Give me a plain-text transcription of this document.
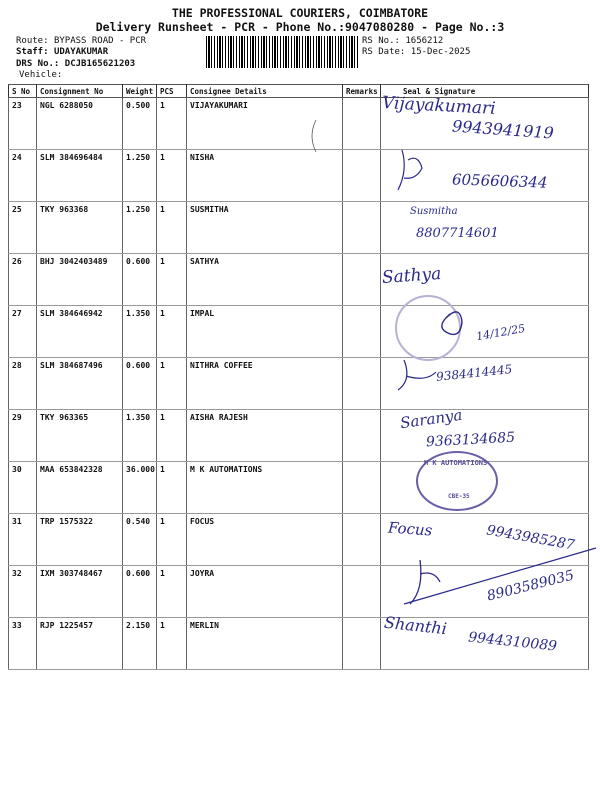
THE PROFESSIONAL COURIERS, COIMBATORE
Delivery Runsheet - PCR - Phone No.:9047080280 - Page No.:3
Route: BYPASS ROAD - PCR
Staff: UDAYAKUMAR
DRS No.: DCJB165621203
Vehicle:
RS No.: 1656212
RS Date: 15-Dec-2025
S No	Consignment No	Weight	PCS	Consignee Details	Remarks	Seal & Signature
23	NGL 6288050	0.500	1	VIJAYAKUMARI		
24	SLM 384696484	1.250	1	NISHA		
25	TKY 963368	1.250	1	SUSMITHA		
26	BHJ 3042403489	0.600	1	SATHYA		
27	SLM 384646942	1.350	1	IMPAL		
28	SLM 384687496	0.600	1	NITHRA COFFEE		
29	TKY 963365	1.350	1	AISHA RAJESH		
30	MAA 653842328	36.000	1	M K AUTOMATIONS		
31	TRP 1575322	0.540	1	FOCUS		
32	IXM 303748467	0.600	1	JOYRA		
33	RJP 1225457	2.150	1	MERLIN		
Vijayakumari
9943941919
6056606344
Susmitha
8807714601
Sathya
14/12/25
9384414445
Saranya
9363134685
M K AUTOMATIONS
CBE-35
Focus	9943985287
8903589035
Shanthi
9944310089
